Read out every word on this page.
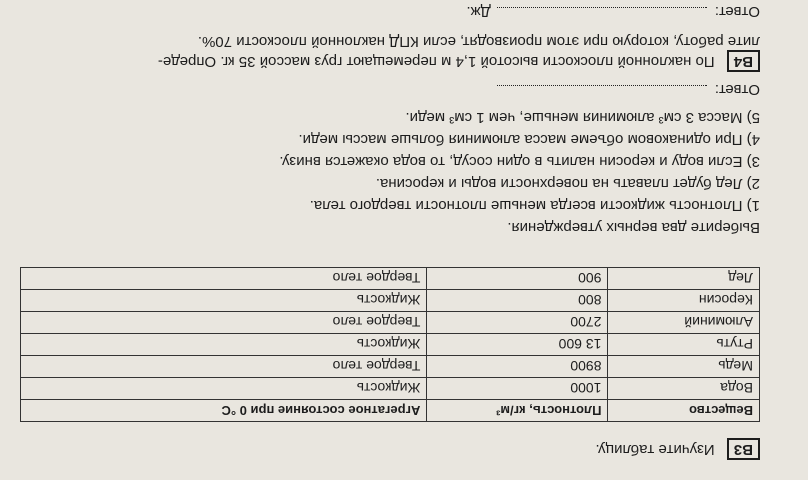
B3 Изучите таблицу.
Вещество	Плотность, кг/м³	Агрегатное состояние при 0 °С
Вода	1000	Жидкость
Медь	8900	Твердое тело
Ртуть	13 600	Жидкость
Алюминий	2700	Твердое тело
Керосин	800	Жидкость
Лед	900	Твердое тело
Выберите два верных утверждения.
1) Плотность жидкости всегда меньше плотности твердого тела.
2) Лед будет плавать на поверхности воды и керосина.
3) Если воду и керосин налить в один сосуд, то вода окажется внизу.
4) При одинаковом объеме масса алюминия больше массы меди.
5) Масса 3 см³ алюминия меньше, чем 1 см³ меди.
Ответ:
B4 По наклонной плоскости высотой 1,4 м перемещают груз массой 35 кг. Опреде-
лите работу, которую при этом производят, если КПД наклонной плоскости 70%.
Ответ:Дж.
